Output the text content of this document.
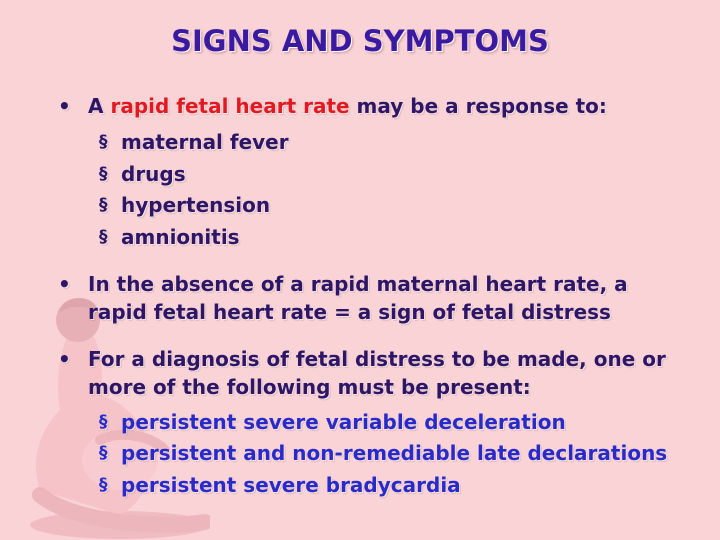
SIGNS AND SYMPTOMS
• A rapid fetal heart rate may be a response to:
§ maternal fever
§ drugs
§ hypertension
§ amnionitis
• In the absence of a rapid maternal heart rate, a
rapid fetal heart rate = a sign of fetal distress
• For a diagnosis of fetal distress to be made, one or
more of the following must be present:
§ persistent severe variable deceleration
§ persistent and non-remediable late declarations
§ persistent severe bradycardia
